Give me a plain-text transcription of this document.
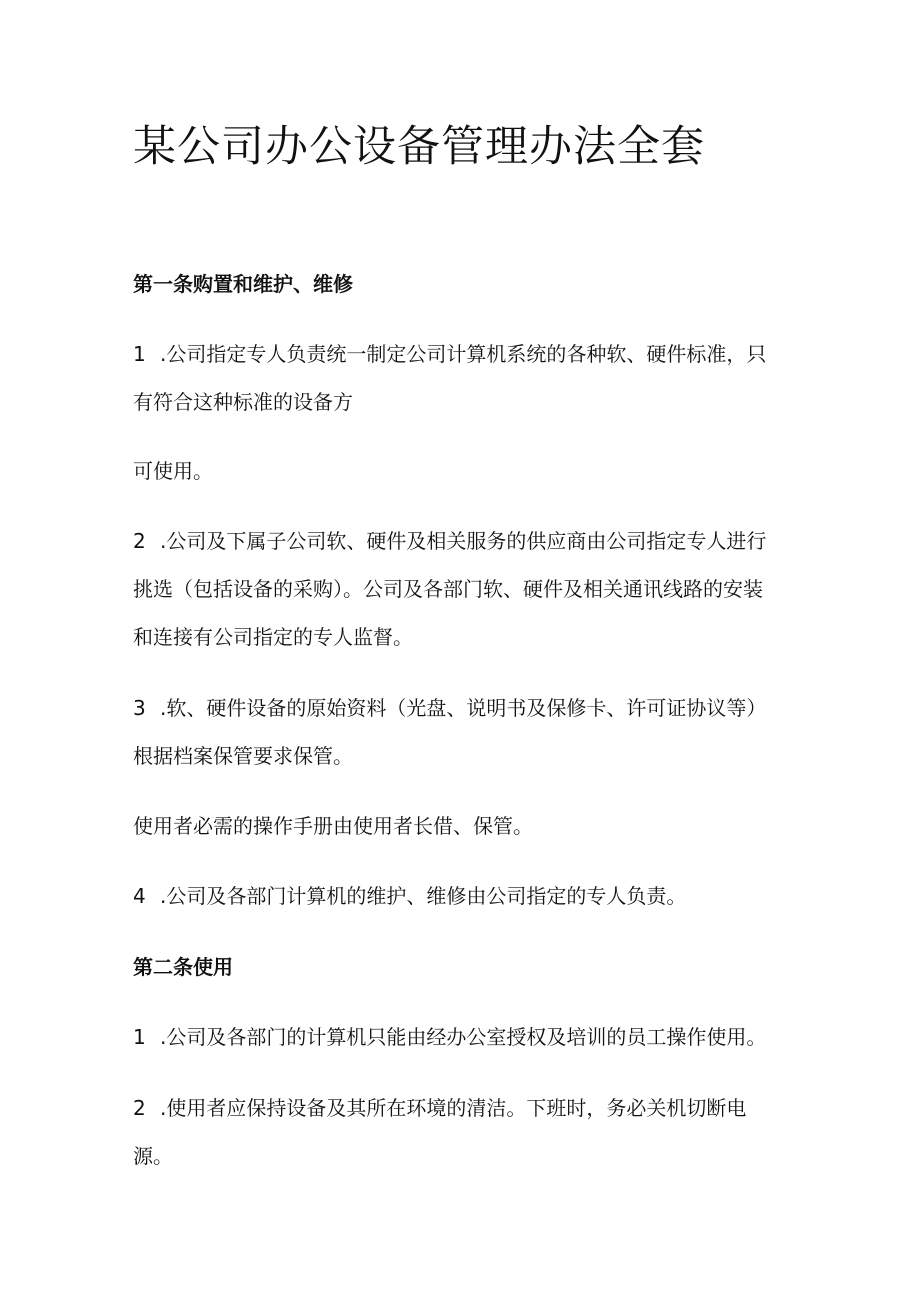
某公司办公设备管理办法全套

第一条购置和维护、维修

1 .公司指定专人负责统一制定公司计算机系统的各种软、硬件标准，只

有符合这种标准的设备方

可使用。

2 .公司及下属子公司软、硬件及相关服务的供应商由公司指定专人进行

挑选（包括设备的采购）。公司及各部门软、硬件及相关通讯线路的安装

和连接有公司指定的专人监督。

3 .软、硬件设备的原始资料（光盘、说明书及保修卡、许可证协议等）

根据档案保管要求保管。

使用者必需的操作手册由使用者长借、保管。

4 .公司及各部门计算机的维护、维修由公司指定的专人负责。

第二条使用

1 .公司及各部门的计算机只能由经办公室授权及培训的员工操作使用。

2 .使用者应保持设备及其所在环境的清洁。下班时，务必关机切断电

源。
